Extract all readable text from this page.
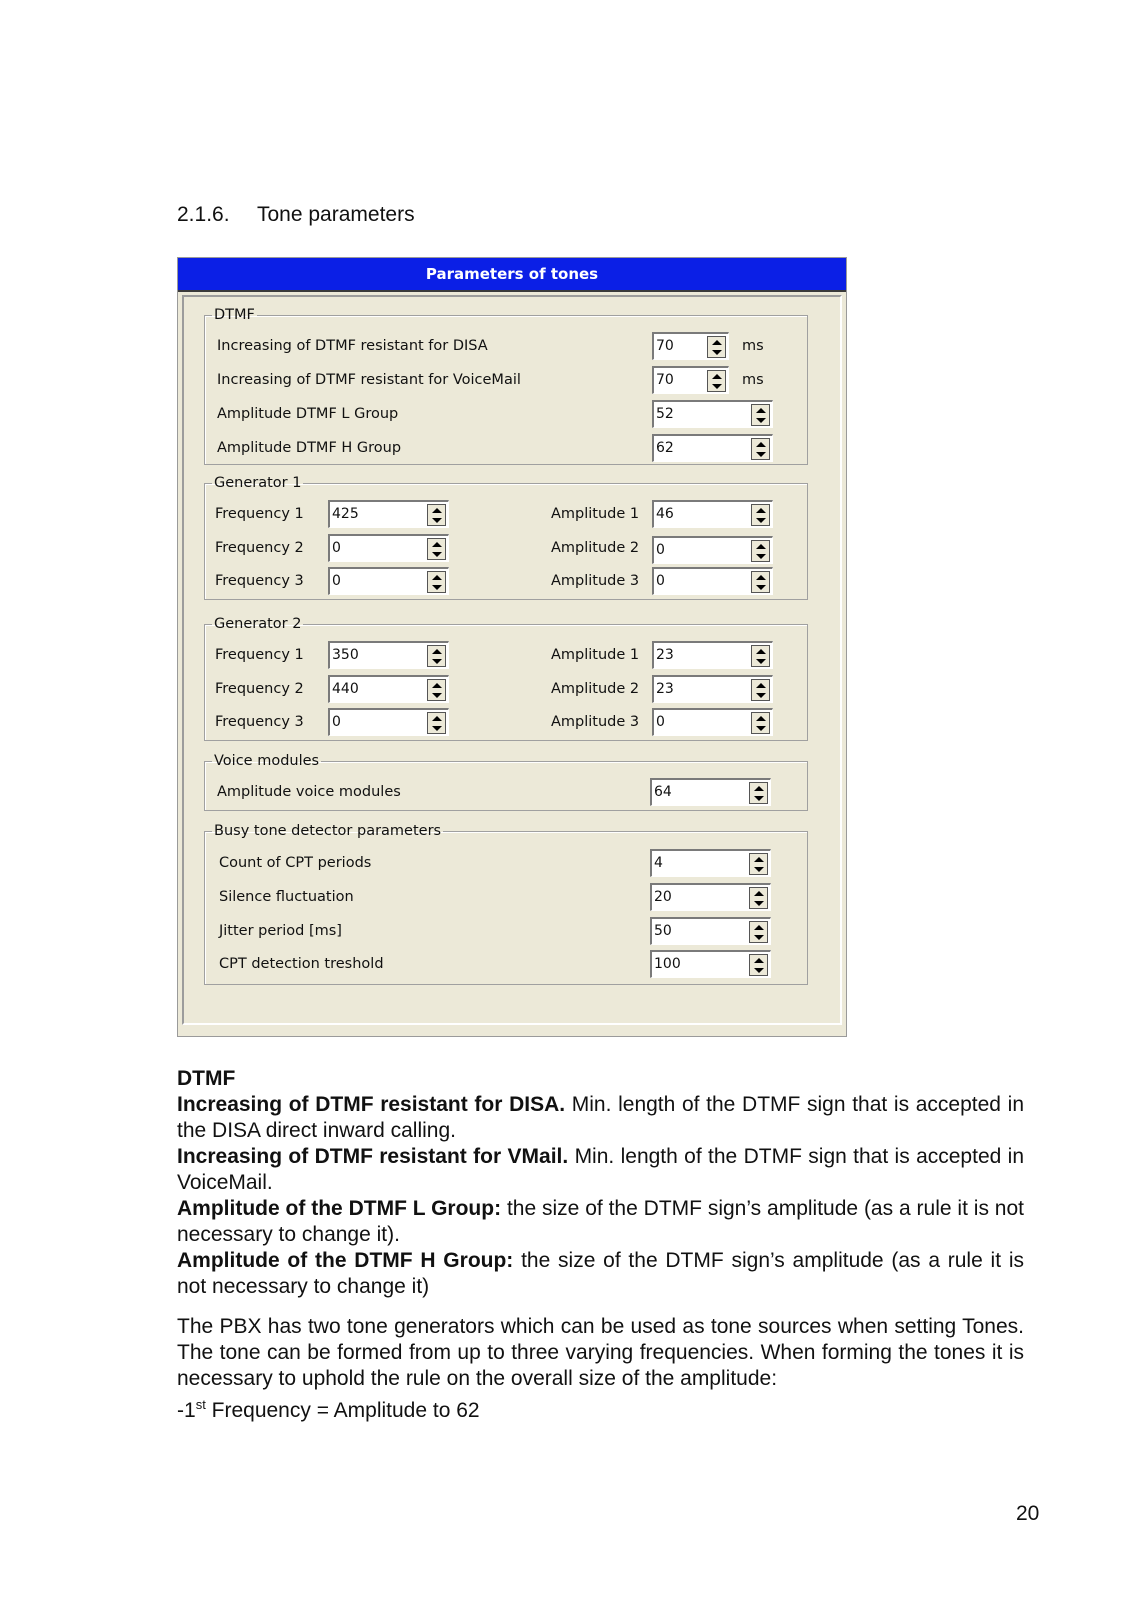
2.1.6. Tone parameters
Parameters of tones
DTMF
Increasing of DTMF resistant for DISA	70	ms
Increasing of DTMF resistant for VoiceMail	70	ms
Amplitude DTMF L Group	52
Amplitude DTMF H Group	62
Generator 1
Frequency 1 425	Amplitude 1 46
Frequency 2 0	Amplitude 2 0
Frequency 3 0	Amplitude 3 0
Generator 2
Frequency 1 350	Amplitude 1 23
Frequency 2 440	Amplitude 2 23
Frequency 3 0	Amplitude 3 0
Voice modules
Amplitude voice modules	64
Busy tone detector parameters
Count of CPT periods	4
Silence fluctuation	20
Jitter period [ms]	50
CPT detection treshold	100

DTMF

Increasing of DTMF resistant for DISA. Min. length of the DTMF sign that is accepted in the DISA direct inward calling.

Increasing of DTMF resistant for VMail. Min. length of the DTMF sign that is accepted in VoiceMail.

Amplitude of the DTMF L Group: the size of the DTMF sign’s amplitude (as a rule it is not necessary to change it).

Amplitude of the DTMF H Group: the size of the DTMF sign’s amplitude (as a rule it is not necessary to change it)

The PBX has two tone generators which can be used as tone sources when setting Tones. The tone can be formed from up to three varying frequencies. When forming the tones it is necessary to uphold the rule on the overall size of the amplitude:

-1st Frequency = Amplitude to 62

20
